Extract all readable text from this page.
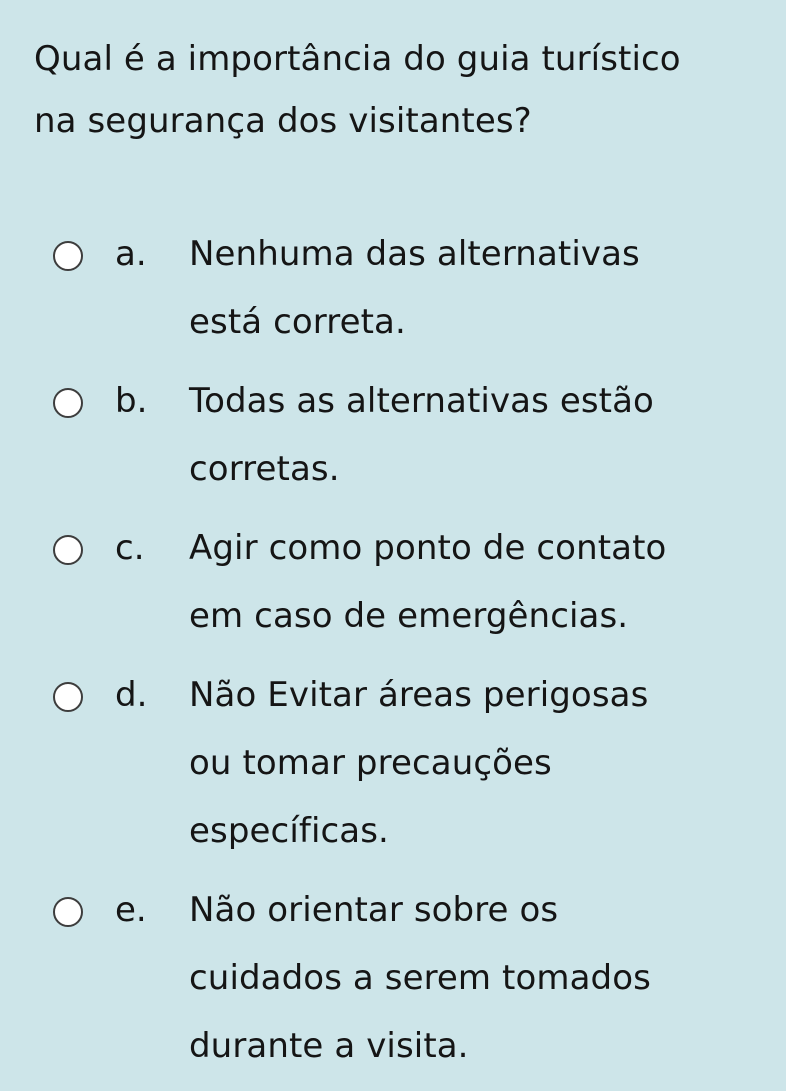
Qual é a importância do guia turístico
na segurança dos visitantes?
a.	Nenhuma das alternativas
está correta.
b.	Todas as alternativas estão
corretas.
c.	Agir como ponto de contato
em caso de emergências.
d.	Não Evitar áreas perigosas
ou tomar precauções
específicas.
e.	Não orientar sobre os
cuidados a serem tomados
durante a visita.
